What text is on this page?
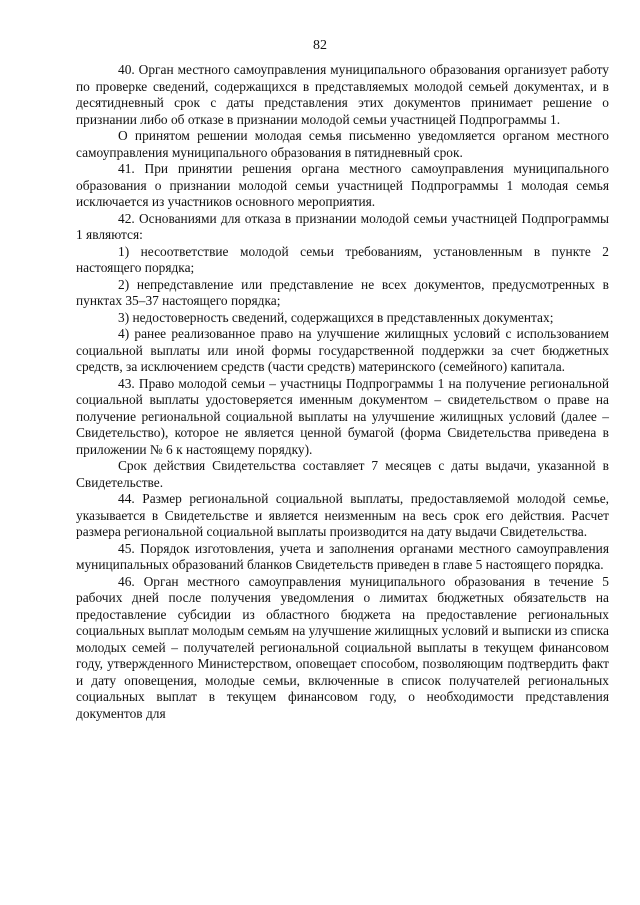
82

40. Орган местного самоуправления муниципального образования организует работу по проверке сведений, содержащихся в представляемых молодой семьей документах, и в десятидневный срок с даты представления этих документов принимает решение о признании либо об отказе в признании молодой семьи участницей Подпрограммы 1.

О принятом решении молодая семья письменно уведомляется органом местного самоуправления муниципального образования в пятидневный срок.

41. При принятии решения органа местного самоуправления муниципального образования о признании молодой семьи участницей Подпрограммы 1 молодая семья исключается из участников основного мероприятия.

42. Основаниями для отказа в признании молодой семьи участницей Подпрограммы 1 являются:

1) несоответствие молодой семьи требованиям, установленным в пункте 2 настоящего порядка;

2) непредставление или представление не всех документов, предусмотренных в пунктах 35–37 настоящего порядка;

3) недостоверность сведений, содержащихся в представленных документах;

4) ранее реализованное право на улучшение жилищных условий с использованием социальной выплаты или иной формы государственной поддержки за счет бюджетных средств, за исключением средств (части средств) материнского (семейного) капитала.

43. Право молодой семьи – участницы Подпрограммы 1 на получение региональной социальной выплаты удостоверяется именным документом – свидетельством о праве на получение региональной социальной выплаты на улучшение жилищных условий (далее – Свидетельство), которое не является ценной бумагой (форма Свидетельства приведена в приложении № 6 к настоящему порядку).

Срок действия Свидетельства составляет 7 месяцев с даты выдачи, указанной в Свидетельстве.

44. Размер региональной социальной выплаты, предоставляемой молодой семье, указывается в Свидетельстве и является неизменным на весь срок его действия. Расчет размера региональной социальной выплаты производится на дату выдачи Свидетельства.

45. Порядок изготовления, учета и заполнения органами местного самоуправления муниципальных образований бланков Свидетельств приведен в главе 5 настоящего порядка.

46. Орган местного самоуправления муниципального образования в течение 5 рабочих дней после получения уведомления о лимитах бюджетных обязательств на предоставление субсидии из областного бюджета на предоставление региональных социальных выплат молодым семьям на улучшение жилищных условий и выписки из списка молодых семей – получателей региональной социальной выплаты в текущем финансовом году, утвержденного Министерством, оповещает способом, позволяющим подтвердить факт и дату оповещения, молодые семьи, включенные в список получателей региональных социальных выплат в текущем финансовом году, о необходимости представления документов для
